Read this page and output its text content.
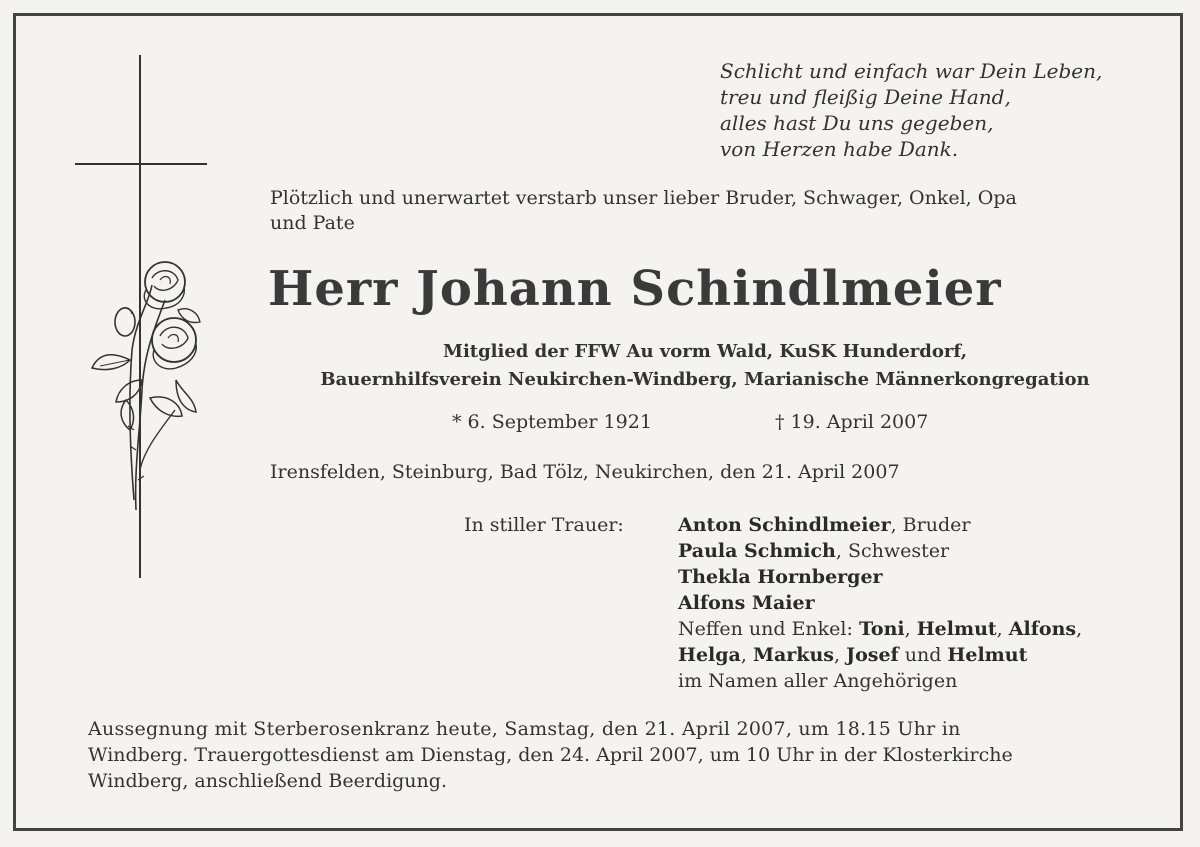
Schlicht und einfach war Dein Leben,
treu und fleißig Deine Hand,
alles hast Du uns gegeben,
von Herzen habe Dank.
Plötzlich und unerwartet verstarb unser lieber Bruder, Schwager, Onkel, Opa
und Pate
Herr Johann Schindlmeier
Mitglied der FFW Au vorm Wald, KuSK Hunderdorf,
Bauernhilfsverein Neukirchen-Windberg, Marianische Männerkongregation
* 6. September 1921	† 19. April 2007
Irensfelden, Steinburg, Bad Tölz, Neukirchen, den 21. April 2007
In stiller Trauer:	Anton Schindlmeier, Bruder
Paula Schmich, Schwester
Thekla Hornberger
Alfons Maier
Neffen und Enkel: Toni, Helmut, Alfons,
Helga, Markus, Josef und Helmut
im Namen aller Angehörigen
Aussegnung mit Sterberosenkranz heute, Samstag, den 21. April 2007, um 18.15 Uhr in
Windberg. Trauergottesdienst am Dienstag, den 24. April 2007, um 10 Uhr in der Klosterkirche
Windberg, anschließend Beerdigung.
